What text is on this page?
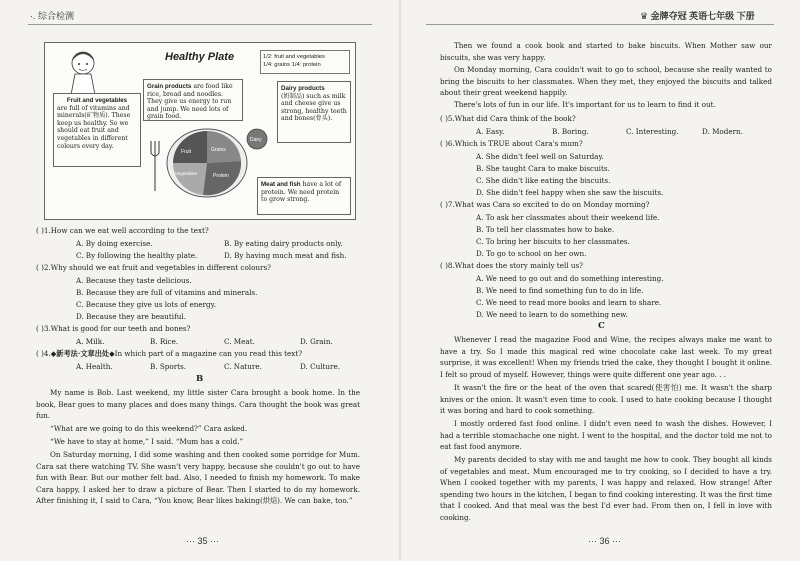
·. 综合检测
Healthy Plate	1/2: fruit and vegetables
1/4: grains 1/4: protein
Fruit and vegetables
are full of vitamins and minerals(矿物质). These keep us healthy. So we should eat fruit and vegetables in different colours every day.
Grain products are food like rice, bread and noodles. They give us energy to run and jump. We need lots of grain food.
Dairy products
(奶制品) such as milk and cheese give us strong, healthy teeth and bones(骨头).
Meat and fish have a lot of protein. We need protein to grow strong.
Fruit	Grains
Vegetables	Protein
Dairy
( )1.How can we eat well according to the text?
A. By doing exercise.	B. By eating dairy products only.
C. By following the healthy plate.	D. By having much meat and fish.
( )2.Why should we eat fruit and vegetables in different colours?
A. Because they taste delicious.
B. Because they are full of vitamins and minerals.
C. Because they give us lots of energy.
D. Because they are beautiful.
( )3.What is good for our teeth and bones?
A. Milk.	B. Rice.	C. Meat.	D. Grain.
( )4.◆新考法·文章出处◆In which part of a magazine can you read this text?
A. Health.	B. Sports.	C. Nature.	D. Culture.
B
My name is Bob. Last weekend, my little sister Cara brought a book home. In the book, Bear goes to many places and does many things. Cara thought the book was great fun.
“What are we going to do this weekend?” Cara asked.
“We have to stay at home,” I said. “Mum has a cold.”
On Saturday morning, I did some washing and then cooked some porridge for Mum. Cara sat there watching TV. She wasn't very happy, because she couldn't go out to have fun with Bear. But our mother felt bad. Also, I needed to finish my homework. To make Cara happy, I asked her to draw a picture of Bear. Then I started to do my homework. After finishing it, I said to Cara, “You know, Bear likes baking(烘焙). We can bake, too.”
··· 35 ···
♛ 金牌夺冠 英语七年级 下册
Then we found a cook book and started to bake biscuits. When Mother saw our biscuits, she was very happy.
On Monday morning, Cara couldn't wait to go to school, because she really wanted to bring the biscuits to her classmates. When they met, they enjoyed the biscuits and talked about their great weekend happily.
There's lots of fun in our life. It's important for us to learn to find it out.
( )5.What did Cara think of the book?
A. Easy.	B. Boring.	C. Interesting.	D. Modern.
( )6.Which is TRUE about Cara's mum?
A. She didn't feel well on Saturday.
B. She taught Cara to make biscuits.
C. She didn't like eating the biscuits.
D. She didn't feel happy when she saw the biscuits.
( )7.What was Cara so excited to do on Monday morning?
A. To ask her classmates about their weekend life.
B. To tell her classmates how to bake.
C. To bring her biscuits to her classmates.
D. To go to school on her own.
( )8.What does the story mainly tell us?
A. We need to go out and do something interesting.
B. We need to find something fun to do in life.
C. We need to read more books and learn to share.
D. We need to learn to do something new.
C
Whenever I read the magazine Food and Wine, the recipes always make me want to have a try. So I made this magical red wine chocolate cake last week. To my great surprise, it was excellent! When my friends tried the cake, they thought I bought it online. I felt so proud of myself. However, things were quite different one year ago. . .
It wasn't the fire or the heat of the oven that scared(使害怕) me. It wasn't the sharp knives or the onion. It wasn't even time to cook. I used to hate cooking because I thought it was boring and hard to cook something.
I mostly ordered fast food online. I didn't even need to wash the dishes. However, I had a terrible stomachache one night. I went to the hospital, and the doctor told me not to eat fast food anymore.
My parents decided to stay with me and taught me how to cook. They bought all kinds of vegetables and meat. Mum encouraged me to try cooking, so I decided to have a try. When I cooked together with my parents, I was happy and relaxed. How strange! After spending two hours in the kitchen, I began to find cooking interesting. It was the first time that I cooked. And that meal was the best I'd ever had. From then on, I fell in love with cooking.
··· 36 ···
